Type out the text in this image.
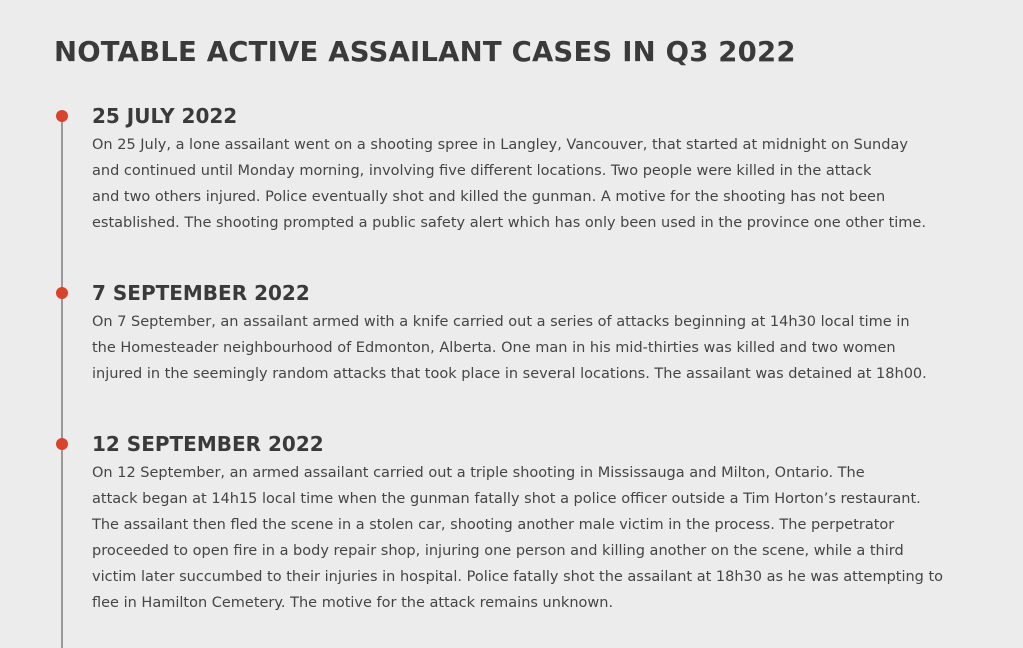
NOTABLE ACTIVE ASSAILANT CASES IN Q3 2022
25 JULY 2022

On 25 July, a lone assailant went on a shooting spree in Langley, Vancouver, that started at midnight on Sunday
and continued until Monday morning, involving five different locations. Two people were killed in the attack
and two others injured. Police eventually shot and killed the gunman. A motive for the shooting has not been
established. The shooting prompted a public safety alert which has only been used in the province one other time.

7 SEPTEMBER 2022

On 7 September, an assailant armed with a knife carried out a series of attacks beginning at 14h30 local time in
the Homesteader neighbourhood of Edmonton, Alberta. One man in his mid-thirties was killed and two women
injured in the seemingly random attacks that took place in several locations. The assailant was detained at 18h00.

12 SEPTEMBER 2022

On 12 September, an armed assailant carried out a triple shooting in Mississauga and Milton, Ontario. The
attack began at 14h15 local time when the gunman fatally shot a police officer outside a Tim Horton’s restaurant.
The assailant then fled the scene in a stolen car, shooting another male victim in the process. The perpetrator
proceeded to open fire in a body repair shop, injuring one person and killing another on the scene, while a third
victim later succumbed to their injuries in hospital. Police fatally shot the assailant at 18h30 as he was attempting to
flee in Hamilton Cemetery. The motive for the attack remains unknown.
